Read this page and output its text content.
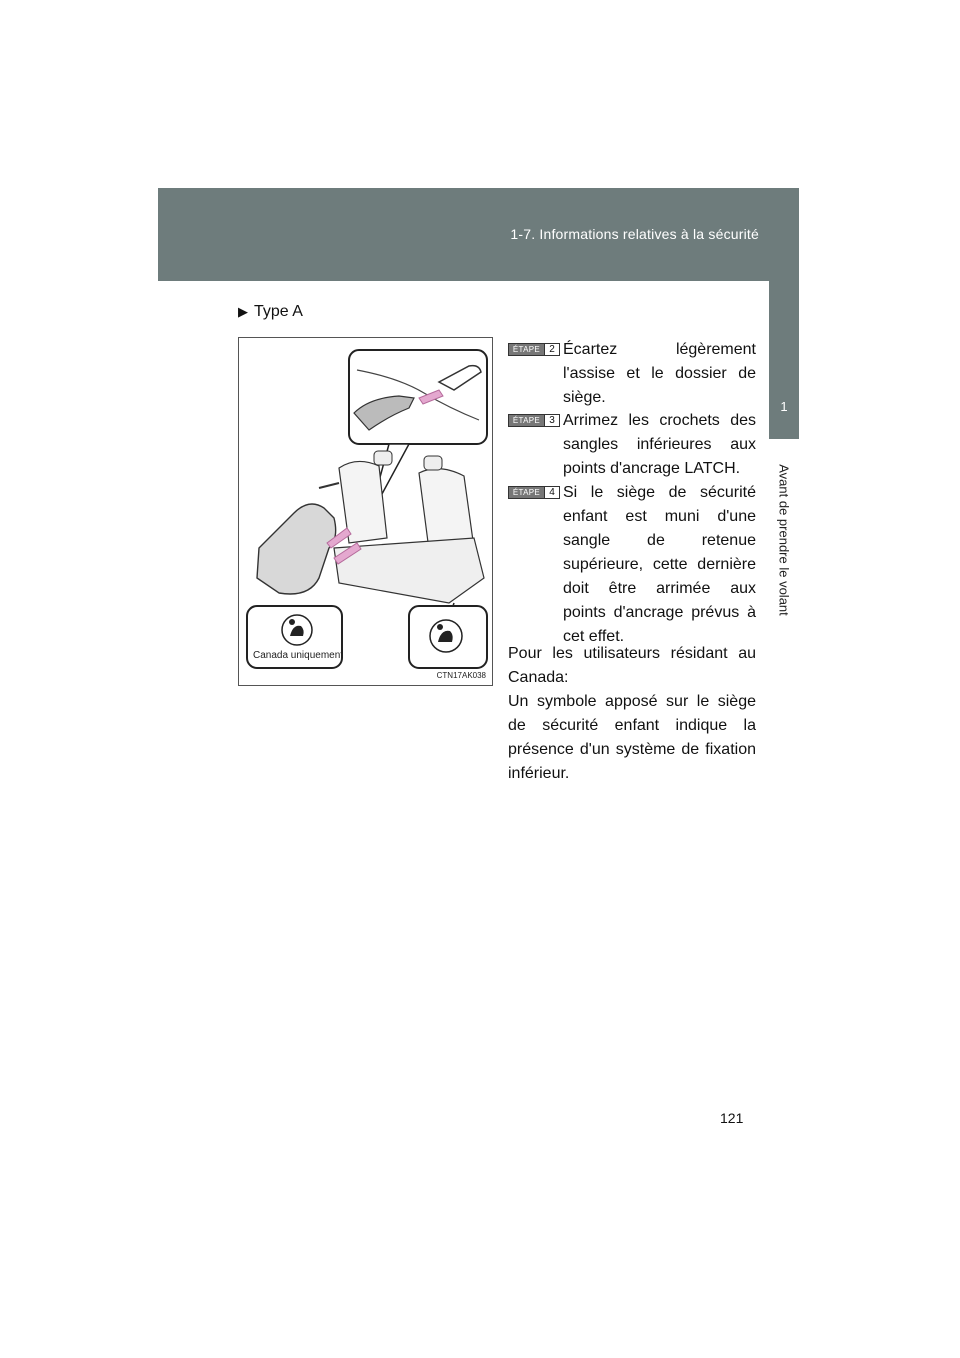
1-7. Informations relatives à la sécurité
1
Avant de prendre le volant
▶ Type A
Canada uniquement
CTN17AK038
ÉTAPE 2 Écartez légèrement l'assise et le dossier de siège.
ÉTAPE 3 Arrimez les crochets des sangles inférieures aux points d'ancrage LATCH.
ÉTAPE 4 Si le siège de sécurité enfant est muni d'une sangle de retenue supérieure, cette dernière doit être arrimée aux points d'ancrage prévus à cet effet.

Pour les utilisateurs résidant au Canada:

Un symbole apposé sur le siège de sécurité enfant indique la présence d'un système de fixation inférieur.

121
